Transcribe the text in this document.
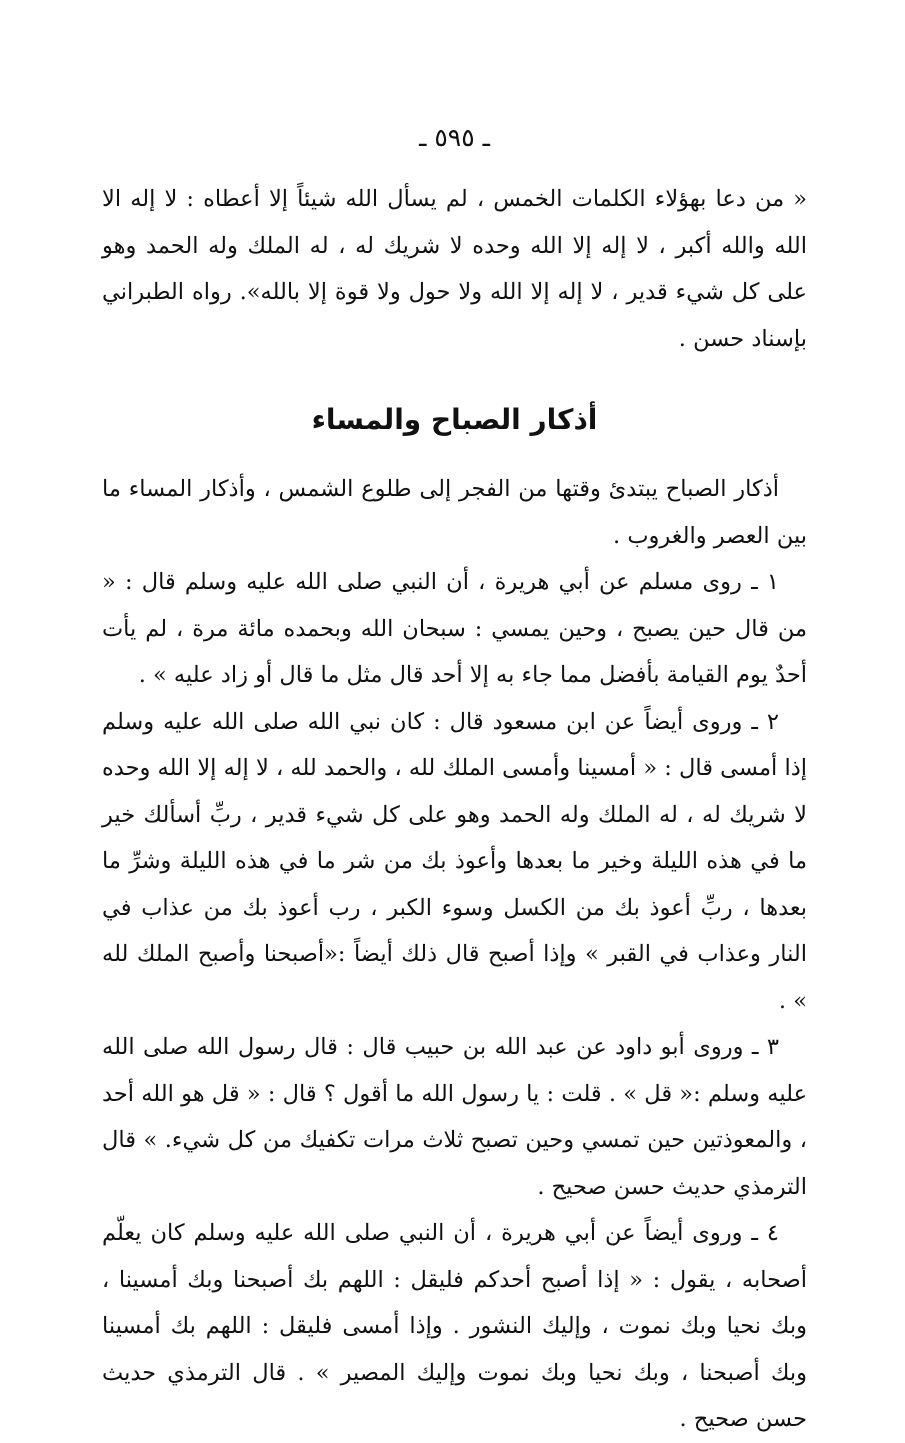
ـ ٥٩٥ ـ

« من دعا بهؤلاء الكلمات الخمس ، لم يسأل الله شيئاً إلا أعطاه : لا إله الا الله والله أكبر ، لا إله إلا الله وحده لا شريك له ، له الملك وله الحمد وهو على كل شيء قدير ، لا إله إلا الله ولا حول ولا قوة إلا بالله». رواه الطبراني بإسناد حسن .

أذكار الصباح والمساء

أذكار الصباح يبتدئ وقتها من الفجر إلى طلوع الشمس ، وأذكار المساء ما بين العصر والغروب .

١ ـ روى مسلم عن أبي هريرة ، أن النبي صلى الله عليه وسلم قال : « من قال حين يصبح ، وحين يمسي : سبحان الله وبحمده مائة مرة ، لم يأت أحدٌ يوم القيامة بأفضل مما جاء به إلا أحد قال مثل ما قال أو زاد عليه » .

٢ ـ وروى أيضاً عن ابن مسعود قال : كان نبي الله صلى الله عليه وسلم إذا أمسى قال : « أمسينا وأمسى الملك لله ، والحمد لله ، لا إله إلا الله وحده لا شريك له ، له الملك وله الحمد وهو على كل شيء قدير ، ربِّ أسألك خير ما في هذه الليلة وخير ما بعدها وأعوذ بك من شر ما في هذه الليلة وشرِّ ما بعدها ، ربِّ أعوذ بك من الكسل وسوء الكبر ، رب أعوذ بك من عذاب في النار وعذاب في القبر » وإذا أصبح قال ذلك أيضاً :«أصبحنا وأصبح الملك لله » .

٣ ـ وروى أبو داود عن عبد الله بن حبيب قال : قال رسول الله صلى الله عليه وسلم :« قل » . قلت : يا رسول الله ما أقول ؟ قال : « قل هو الله أحد ، والمعوذتين حين تمسي وحين تصبح ثلاث مرات تكفيك من كل شيء. » قال الترمذي حديث حسن صحيح .

٤ ـ وروى أيضاً عن أبي هريرة ، أن النبي صلى الله عليه وسلم كان يعلّم أصحابه ، يقول : « إذا أصبح أحدكم فليقل : اللهم بك أصبحنا وبك أمسينا ، وبك نحيا وبك نموت ، وإليك النشور . وإذا أمسى فليقل : اللهم بك أمسينا وبك أصبحنا ، وبك نحيا وبك نموت وإليك المصير » . قال الترمذي حديث حسن صحيح .
